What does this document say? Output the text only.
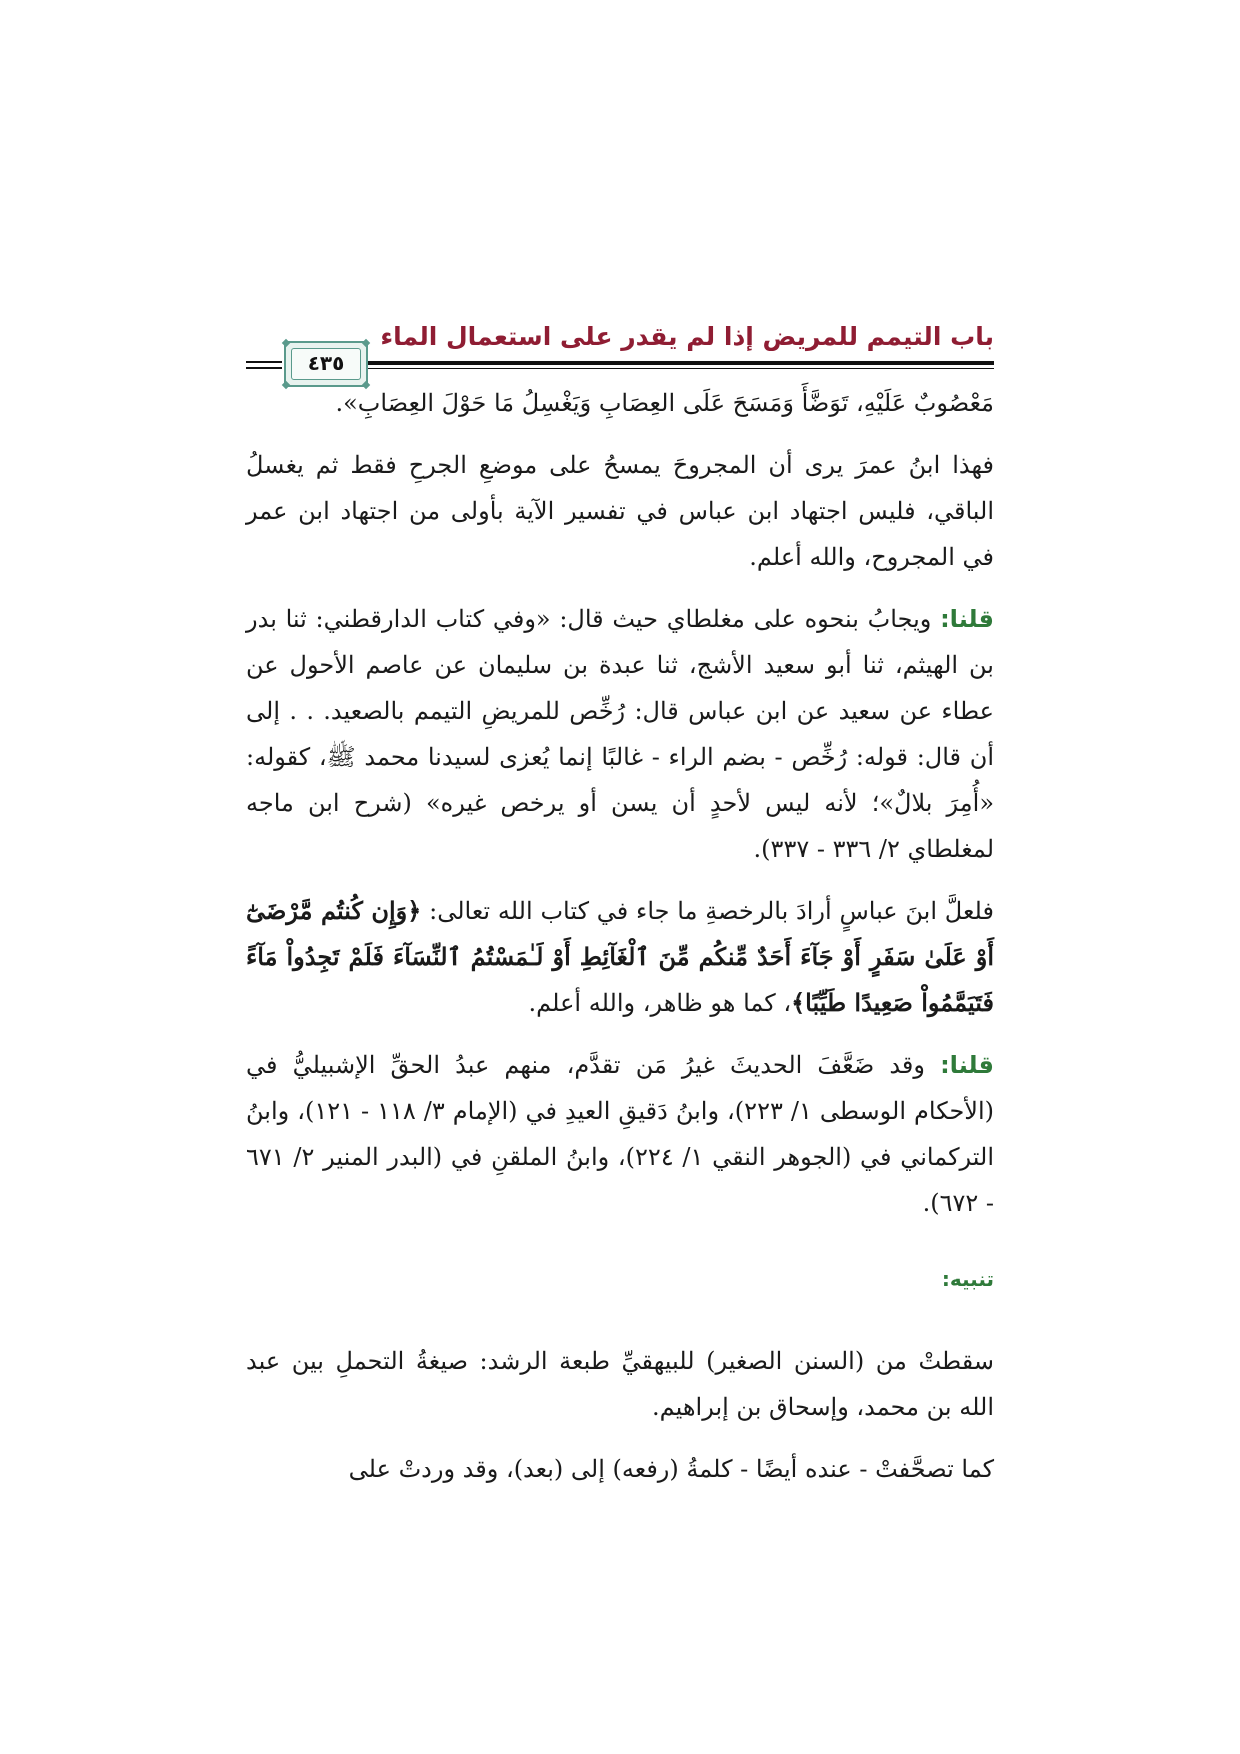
باب التيمم للمريض إذا لم يقدر على استعمال الماء
٤٣٥

مَعْصُوبٌ عَلَيْهِ، تَوَضَّأَ وَمَسَحَ عَلَى العِصَابِ وَيَغْسِلُ مَا حَوْلَ العِصَابِ».

فهذا ابنُ عمرَ يرى أن المجروحَ يمسحُ على موضعِ الجرحِ فقط ثم يغسلُ الباقي، فليس اجتهاد ابن عباس في تفسير الآية بأولى من اجتهاد ابن عمر في المجروح، والله أعلم.

قلنا: ويجابُ بنحوه على مغلطاي حيث قال: «وفي كتاب الدارقطني: ثنا بدر بن الهيثم، ثنا أبو سعيد الأشج، ثنا عبدة بن سليمان عن عاصم الأحول عن عطاء عن سعيد عن ابن عباس قال: رُخِّص للمريضِ التيمم بالصعيد. . . إلى أن قال: قوله: رُخِّص - بضم الراء - غالبًا إنما يُعزى لسيدنا محمد ﷺ، كقوله: «أُمِرَ بلالٌ»؛ لأنه ليس لأحدٍ أن يسن أو يرخص غيره» (شرح ابن ماجه لمغلطاي ٢/ ٣٣٦ - ٣٣٧).

فلعلَّ ابنَ عباسٍ أرادَ بالرخصةِ ما جاء في كتاب الله تعالى: ﴿وَإِن كُنتُم مَّرْضَىٰٓ أَوْ عَلَىٰ سَفَرٍ أَوْ جَآءَ أَحَدٌ مِّنكُم مِّنَ ٱلْغَآئِطِ أَوْ لَـٰمَسْتُمُ ٱلنِّسَآءَ فَلَمْ تَجِدُواْ مَآءً فَتَيَمَّمُواْ صَعِيدًا طَيِّبًا﴾، كما هو ظاهر، والله أعلم.

قلنا: وقد ضَعَّفَ الحديثَ غيرُ مَن تقدَّم، منهم عبدُ الحقِّ الإشبيليُّ في (الأحكام الوسطى ١/ ٢٢٣)، وابنُ دَقيقِ العيدِ في (الإمام ٣/ ١١٨ - ١٢١)، وابنُ التركماني في (الجوهر النقي ١/ ٢٢٤)، وابنُ الملقنِ في (البدر المنير ٢/ ٦٧١ - ٦٧٢).

تنبيه:

سقطتْ من (السنن الصغير) للبيهقيِّ طبعة الرشد: صيغةُ التحملِ بين عبد الله بن محمد، وإسحاق بن إبراهيم.

كما تصحَّفتْ - عنده أيضًا - كلمةُ (رفعه) إلى (بعد)، وقد وردتْ على
